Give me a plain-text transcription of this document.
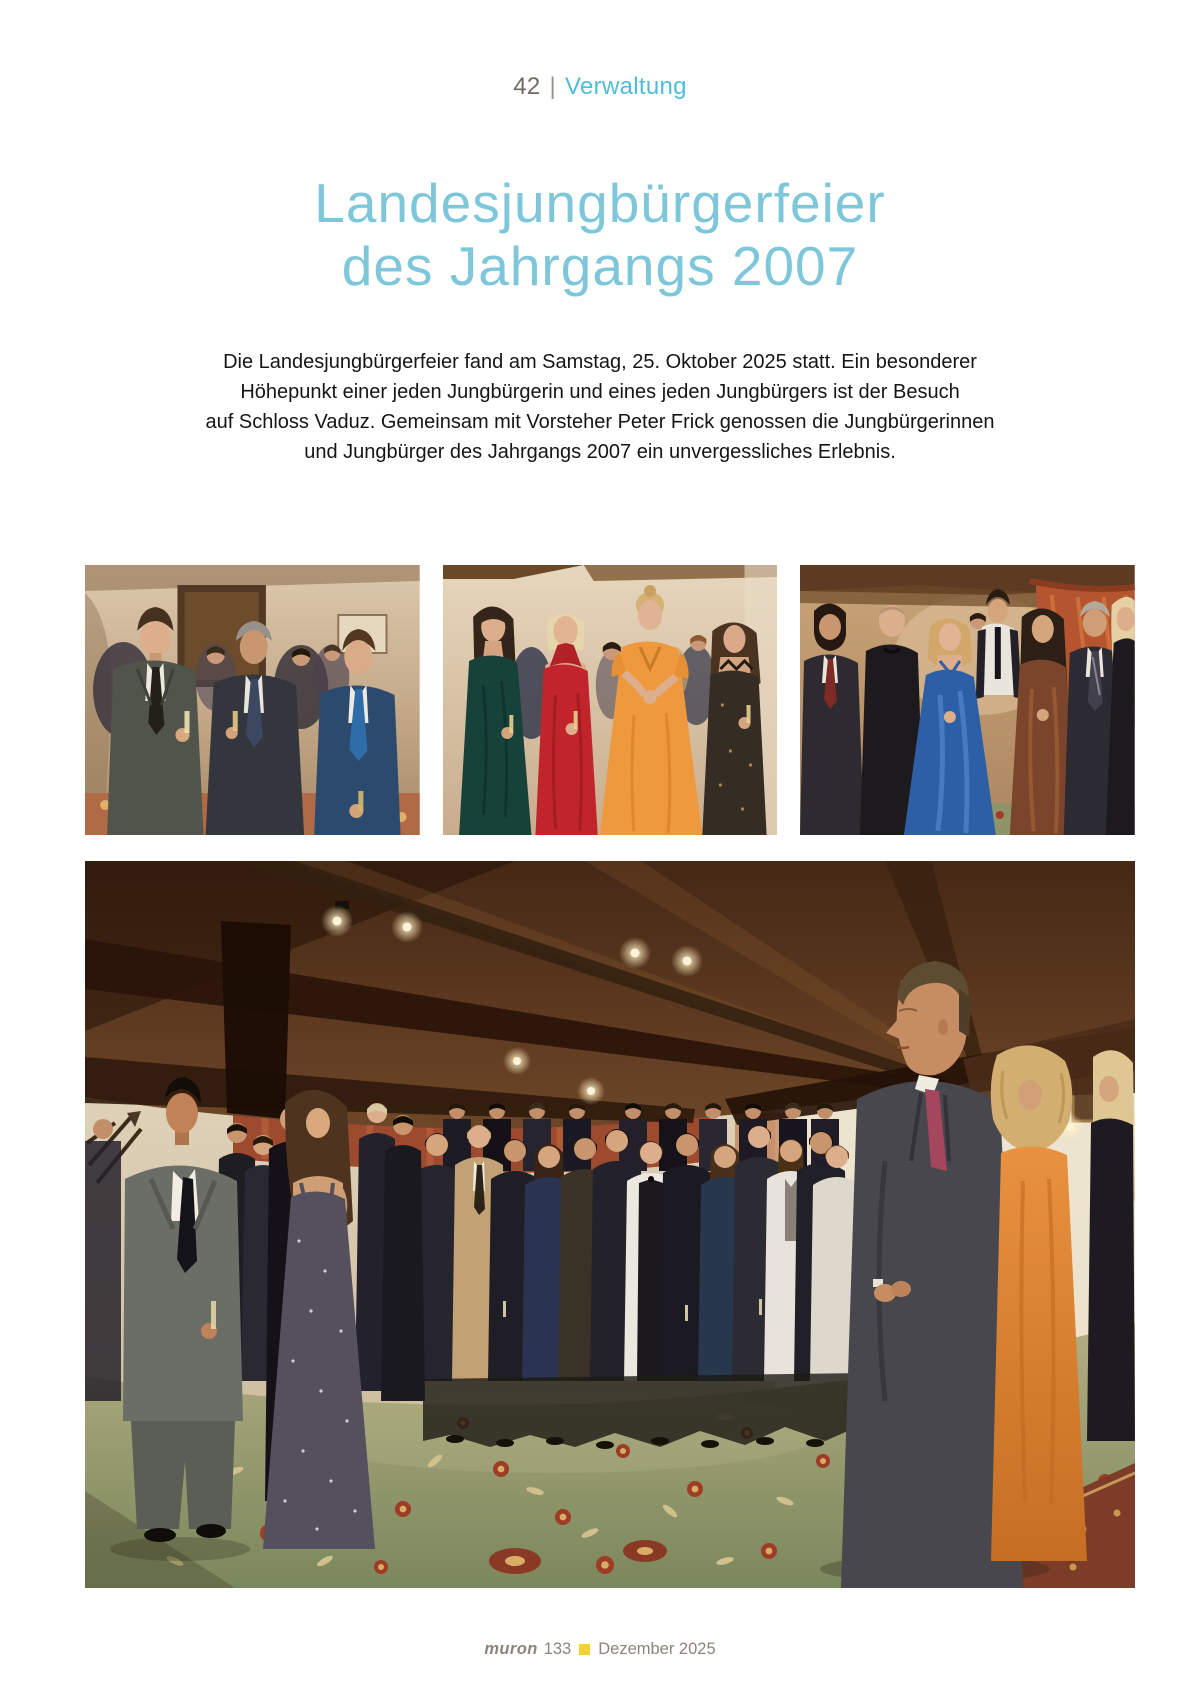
42 | Verwaltung
Landesjungbürgerfeier
des Jahrgangs 2007

Die Landesjungbürgerfeier fand am Samstag, 25. Oktober 2025 statt. Ein besonderer
Höhepunkt einer jeden Jungbürgerin und eines jeden Jungbürgers ist der Besuch
auf Schloss Vaduz. Gemeinsam mit Vorsteher Peter Frick genossen die Jungbürgerinnen
und Jungbürger des Jahrgangs 2007 ein unvergessliches Erlebnis.

muron 133 Dezember 2025
